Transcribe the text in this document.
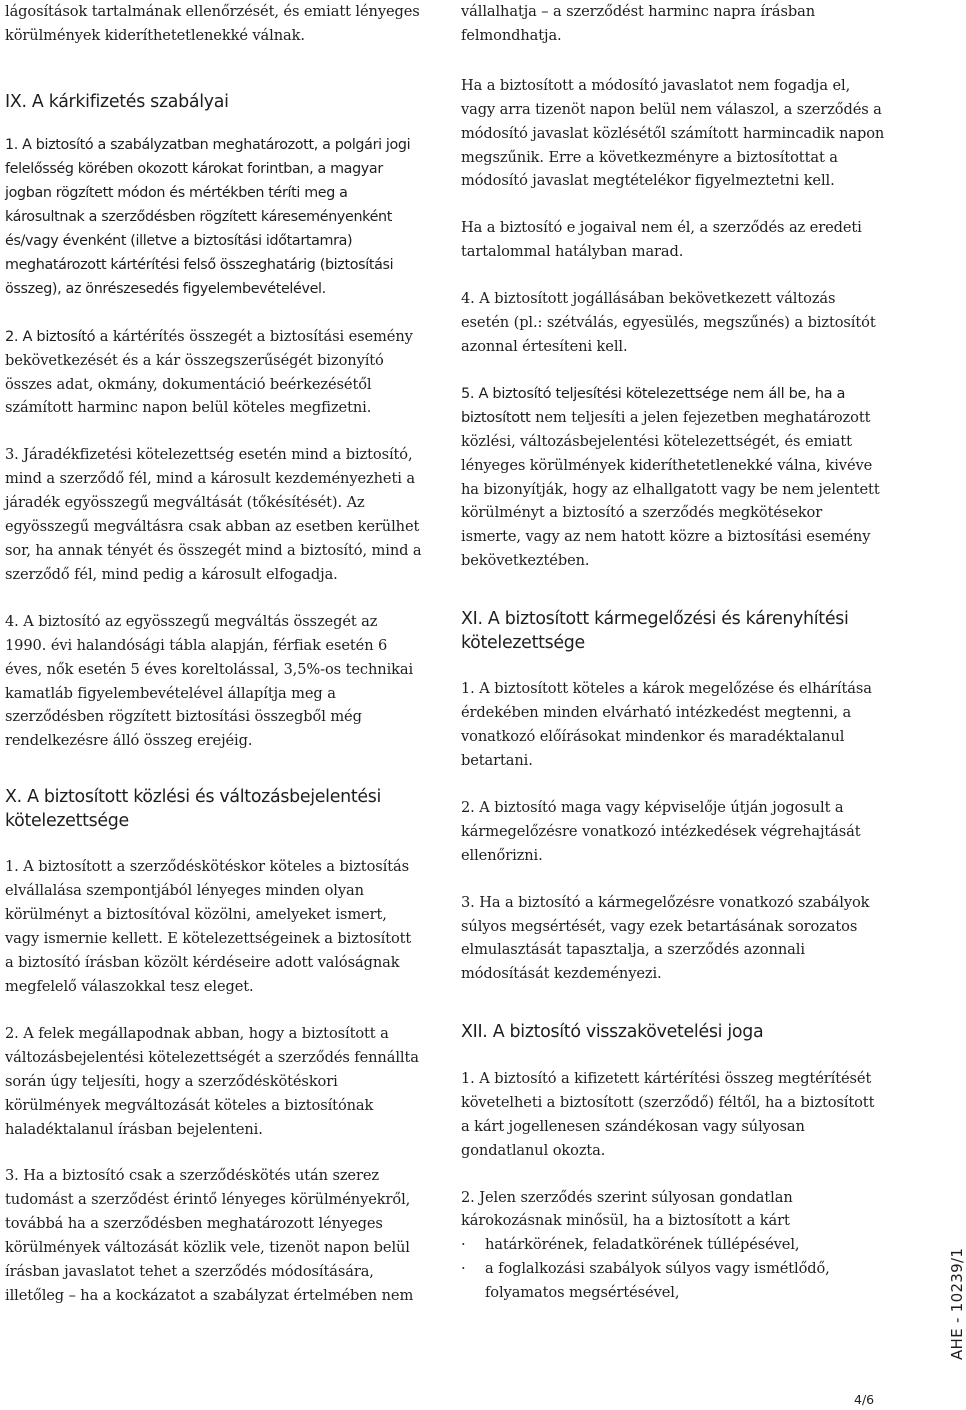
lágosítások tartalmának ellenőrzését, és emiatt lényeges körülmények kideríthetetlenekké válnak.

IX. A kárkifizetés szabályai

1. A biztosító a szabályzatban meghatározott, a polgári jogi felelősség körében okozott károkat forintban, a magyar jogban rögzített módon és mértékben téríti meg a károsultnak a szerződésben rögzített káreseményenként és/vagy évenként (illetve a biztosítási időtartamra) meghatározott kártérítési felső összeghatárig (biztosítási összeg), az önrészesedés figyelembevételével.

2. A biztosító a kártérítés összegét a biztosítási esemény bekövetkezését és a kár összegszerűségét bizonyító összes adat, okmány, dokumentáció beérkezésétől számított harminc napon belül köteles megfizetni.

3. Járadékfizetési kötelezettség esetén mind a biztosító, mind a szerződő fél, mind a károsult kezdeményezheti a járadék egyösszegű megváltását (tőkésítését). Az egyösszegű megváltásra csak abban az esetben kerülhet sor, ha annak tényét és összegét mind a biztosító, mind a szerződő fél, mind pedig a károsult elfogadja.

4. A biztosító az egyösszegű megváltás összegét az 1990. évi halandósági tábla alapján, férfiak esetén 6 éves, nők esetén 5 éves koreltolással, 3,5%-os technikai kamatláb figyelembevételével állapítja meg a szerződésben rögzített biztosítási összegből még rendelkezésre álló összeg erejéig.

X. A biztosított közlési és változásbejelentési kötelezettsége

1. A biztosított a szerződéskötéskor köteles a biztosítás elvállalása szempontjából lényeges minden olyan körülményt a biztosítóval közölni, amelyeket ismert, vagy ismernie kellett. E kötelezettségeinek a biztosított a biztosító írásban közölt kérdéseire adott valóságnak megfelelő válaszokkal tesz eleget.

2. A felek megállapodnak abban, hogy a biztosított a változásbejelentési kötelezettségét a szerződés fennállta során úgy teljesíti, hogy a szerződéskötéskori körülmények megváltozását köteles a biztosítónak haladéktalanul írásban bejelenteni.

3. Ha a biztosító csak a szerződéskötés után szerez tudomást a szerződést érintő lényeges körülményekről, továbbá ha a szerződésben meghatározott lényeges körülmények változását közlik vele, tizenöt napon belül írásban javaslatot tehet a szerződés módosítására, illetőleg – ha a kockázatot a szabályzat értelmében nem

vállalhatja – a szerződést harminc napra írásban felmondhatja.

Ha a biztosított a módosító javaslatot nem fogadja el, vagy arra tizenöt napon belül nem válaszol, a szerződés a módosító javaslat közlésétől számított harmincadik napon megszűnik. Erre a következményre a biztosítottat a módosító javaslat megtételékor figyelmeztetni kell.

Ha a biztosító e jogaival nem él, a szerződés az eredeti tartalommal hatályban marad.

4. A biztosított jogállásában bekövetkezett változás esetén (pl.: szétválás, egyesülés, megszűnés) a biztosítót azonnal értesíteni kell.

5. A biztosító teljesítési kötelezettsége nem áll be, ha a biztosított nem teljesíti a jelen fejezetben meghatározott közlési, változásbejelentési kötelezettségét, és emiatt lényeges körülmények kideríthetetlenekké válna, kivéve ha bizonyítják, hogy az elhallgatott vagy be nem jelentett körülményt a biztosító a szerződés megkötésekor ismerte, vagy az nem hatott közre a biztosítási esemény bekövetkeztében.

XI. A biztosított kármegelőzési és kárenyhítési kötelezettsége

1. A biztosított köteles a károk megelőzése és elhárítása érdekében minden elvárható intézkedést megtenni, a vonatkozó előírásokat mindenkor és maradéktalanul betartani.

2. A biztosító maga vagy képviselője útján jogosult a kármegelőzésre vonatkozó intézkedések végrehajtását ellenőrizni.

3. Ha a biztosító a kármegelőzésre vonatkozó szabályok súlyos megsértését, vagy ezek betartásának sorozatos elmulasztását tapasztalja, a szerződés azonnali módosítását kezdeményezi.

XII. A biztosító visszakövetelési joga

1. A biztosító a kifizetett kártérítési összeg megtérítését követelheti a biztosított (szerződő) féltől, ha a biztosított a kárt jogellenesen szándékosan vagy súlyosan gondatlanul okozta.

2. Jelen szerződés szerint súlyosan gondatlan károkozásnak minősül, ha a biztosított a kárt

· határkörének, feladatkörének túllépésével,
· a foglalkozási szabályok súlyos vagy ismétlődő, folyamatos megsértésével,	AHE - 10239/1
4/6
